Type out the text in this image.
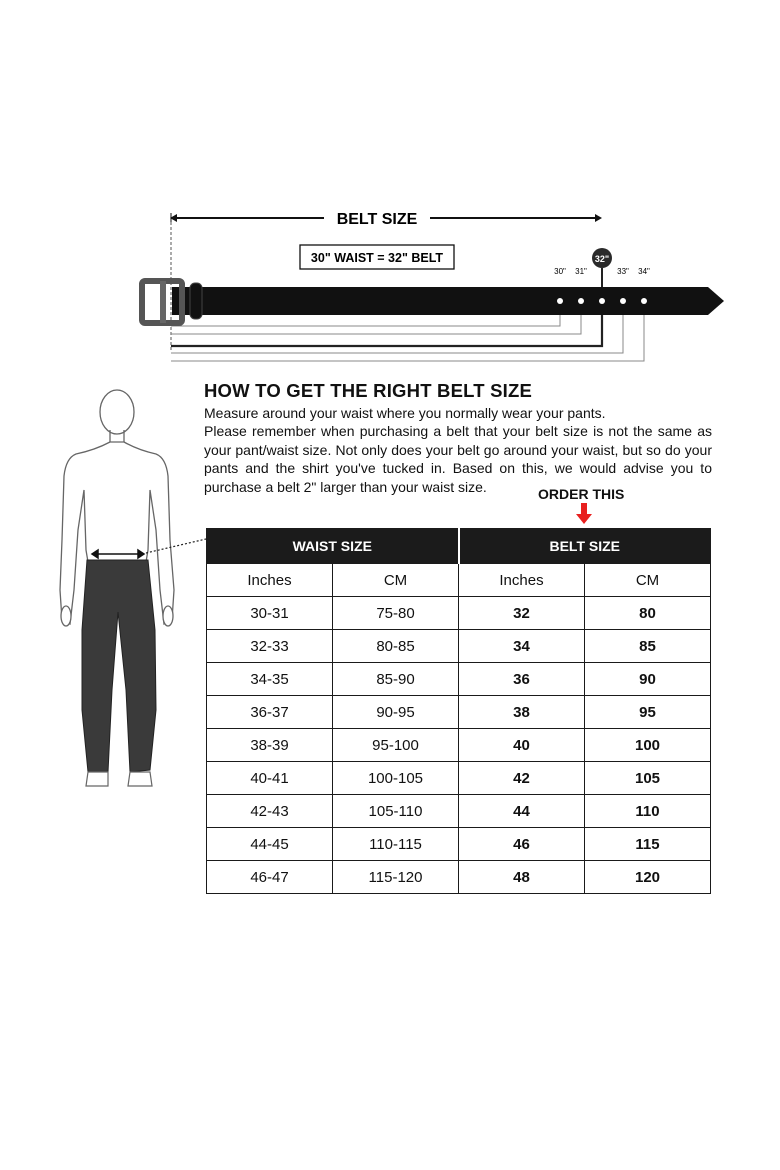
BELT SIZE
30" WAIST = 32" BELT
30" 31"	33" 34"
32"
HOW TO GET THE RIGHT BELT SIZE

Measure around your waist where you normally wear your pants.

Please remember when purchasing a belt that your belt size is not the same as your pant/waist size. Not only does your belt go around your waist, but so do your pants and the shirt you've tucked in. Based on this, we would advise you to purchase a belt 2" larger than your waist size.	ORDER THIS
WAIST SIZE		BELT SIZE	
Inches	CM	Inches	CM
30-31	75-80	32	80
32-33	80-85	34	85
34-35	85-90	36	90
36-37	90-95	38	95
38-39	95-100	40	100
40-41	100-105	42	105
42-43	105-110	44	110
44-45	110-115	46	115
46-47	115-120	48	120
